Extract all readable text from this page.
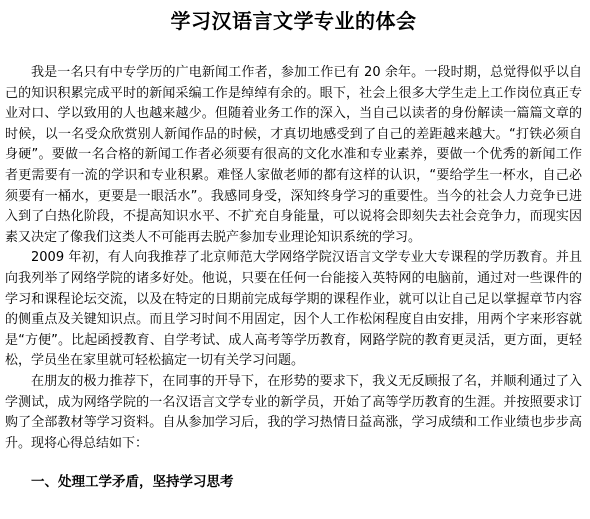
学习汉语言文学专业的体会

我是一名只有中专学历的广电新闻工作者，参加工作已有 20 余年。一段时期，总觉得似乎以自己的知识积累完成平时的新闻采编工作是绰绰有余的。眼下，社会上很多大学生走上工作岗位真正专业对口、学以致用的人也越来越少。但随着业务工作的深入，当自己以读者的身份解读一篇篇文章的时候，以一名受众欣赏别人新闻作品的时候，才真切地感受到了自己的差距越来越大。“打铁必须自身硬”。要做一名合格的新闻工作者必须要有很高的文化水准和专业素养，要做一个优秀的新闻工作者更需要有一流的学识和专业积累。难怪人家做老师的都有这样的认识，“要给学生一杯水，自己必须要有一桶水，更要是一眼活水”。我感同身受，深知终身学习的重要性。当今的社会人力竞争已进入到了白热化阶段，不提高知识水平、不扩充自身能量，可以说将会即刻失去社会竞争力，而现实因素又决定了像我们这类人不可能再去脱产参加专业理论知识系统的学习。

2009 年初，有人向我推荐了北京师范大学网络学院汉语言文学专业大专课程的学历教育。并且向我列举了网络学院的诸多好处。他说，只要在任何一台能接入英特网的电脑前，通过对一些课件的学习和课程论坛交流，以及在特定的日期前完成每学期的课程作业，就可以让自己足以掌握章节内容的侧重点及关键知识点。而且学习时间不用固定，因个人工作松闲程度自由安排，用两个字来形容就是“方便”。比起函授教育、自学考试、成人高考等学历教育，网路学院的教育更灵活，更方面，更轻松，学员坐在家里就可轻松搞定一切有关学习问题。

在朋友的极力推荐下，在同事的开导下，在形势的要求下，我义无反顾报了名，并顺利通过了入学测试，成为网络学院的一名汉语言文学专业的新学员，开始了高等学历教育的生涯。并按照要求订购了全部教材等学习资料。自从参加学习后，我的学习热情日益高涨，学习成绩和工作业绩也步步高升。现将心得总结如下：

一、处理工学矛盾，坚持学习思考
